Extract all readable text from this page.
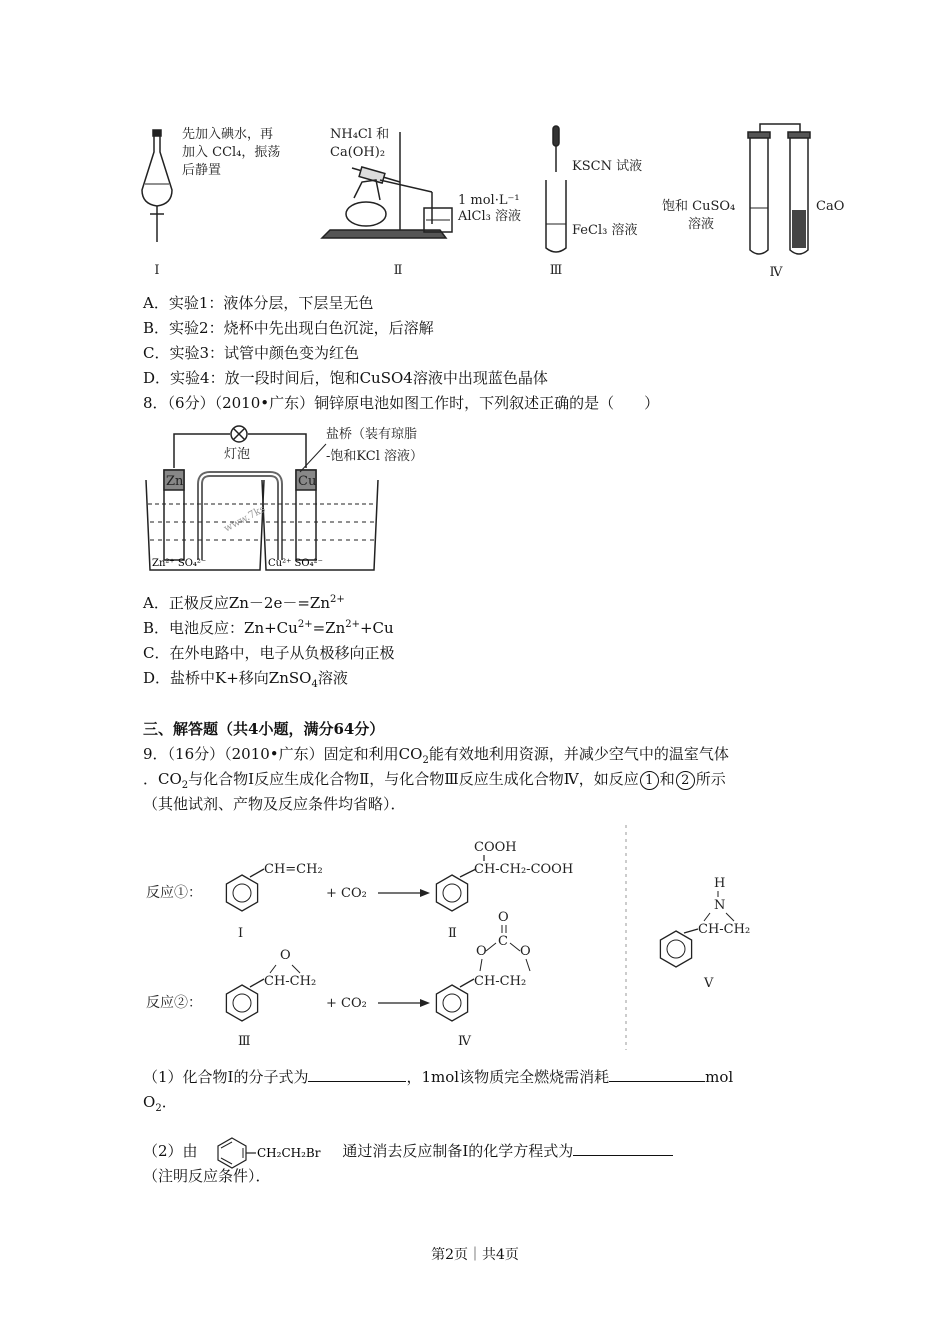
先加入碘水，再
加入 CCl₄，振荡
后静置
Ⅰ
NH₄Cl 和
Ca(OH)₂
1 mol·L⁻¹
AlCl₃ 溶液
Ⅱ
KSCN 试液
FeCl₃ 溶液
Ⅲ
饱和 CuSO₄
溶液
CaO
Ⅳ
A．实验1：液体分层，下层呈无色
B．实验2：烧杯中先出现白色沉淀，后溶解
C．实验3：试管中颜色变为红色
D．实验4：放一段时间后，饱和CuSO4溶液中出现蓝色晶体
8．（6分）（2010•广东）铜锌原电池如图工作时，下列叙述正确的是（　　）
灯泡
盐桥（装有琼脂
-饱和KCl 溶液）
Zn	Cu
Zn²⁺ SO₄²⁻	Cu²⁺ SO₄²⁻
www.7ks
A．正极反应$Zn-2e-=Zn^{2+}$
B．电池反应：$Zn+Cu^{2+}=Zn^{2+}+Cu$
C．在外电路中，电子从负极移向正极
D．盐桥中K+移向ZnSO$_4$溶液
三、解答题（共4小题，满分64分）
9．（16分）（2010•广东）固定和利用$CO_2$能有效地利用资源，并减少空气中的温室气体
．$CO_2$与化合物Ⅰ反应生成化合物Ⅱ，与化合物Ⅲ反应生成化合物Ⅳ，如反应 1 和 2 所示
（其他试剂、产物及反应条件均省略）．
反应①：
CH=CH₂
+ CO₂
COOH
CH-CH₂-COOH
Ⅰ	Ⅱ
反应②：
O
CH-CH₂
+ CO₂
O
C
O	O
CH-CH₂
Ⅲ	Ⅳ
H
N
CH-CH₂
Ⅴ
（1）化合物Ⅰ的分子式为	，1mol该物质完全燃烧需消耗	mol
$O_2$．
（2）由	CH₂CH₂Br 通过消去反应制备Ⅰ的化学方程式为
（注明反应条件）．
第2页｜共4页
